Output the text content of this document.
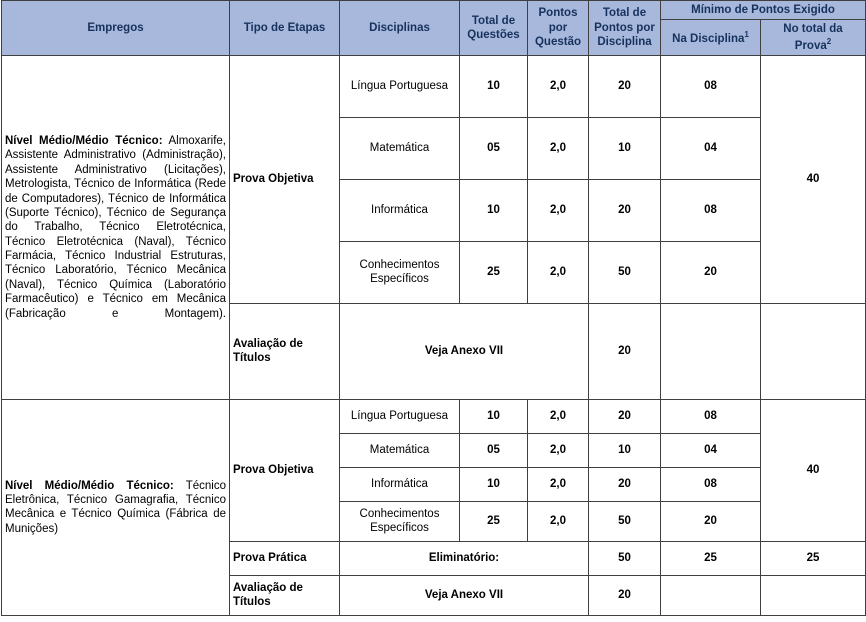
Empregos	Tipo de Etapas	Disciplinas	Total de Questões	Pontos por Questão	Total de Pontos por Disciplina	Mínimo de Pontos Exigido	
						Na Disciplina$^1$	No total da Prova$^2$
Nível Médio/Médio Técnico: Almoxarife, Assistente Administrativo (Administração), Assistente Administrativo (Licitações), Metrologista, Técnico de Informática (Rede de Computadores), Técnico de Informática (Suporte Técnico), Técnico de Segurança do Trabalho, Técnico Eletrotécnica, Técnico Eletrotécnica (Naval), Técnico Farmácia, Técnico Industrial Estruturas, Técnico Laboratório, Técnico Mecânica (Naval), Técnico Química (Laboratório Farmacêutico) e Técnico em Mecânica (Fabricação e Montagem).	Prova Objetiva	Língua Portuguesa	10	2,0	20	08	40
		Matemática	05	2,0	10	04	
		Informática	10	2,0	20	08	
		Conhecimentos Específicos	25	2,0	50	20	
	Avaliação de Títulos	Veja Anexo VII			20		
Nível Médio/Médio Técnico: Técnico Eletrônica, Técnico Gamagrafia, Técnico Mecânica e Técnico Química (Fábrica de Munições)	Prova Objetiva	Língua Portuguesa	10	2,0	20	08	40
		Matemática	05	2,0	10	04	
		Informática	10	2,0	20	08	
		Conhecimentos Específicos	25	2,0	50	20	
	Prova Prática	Eliminatório:			50	25	25
	Avaliação de Títulos	Veja Anexo VII			20		
